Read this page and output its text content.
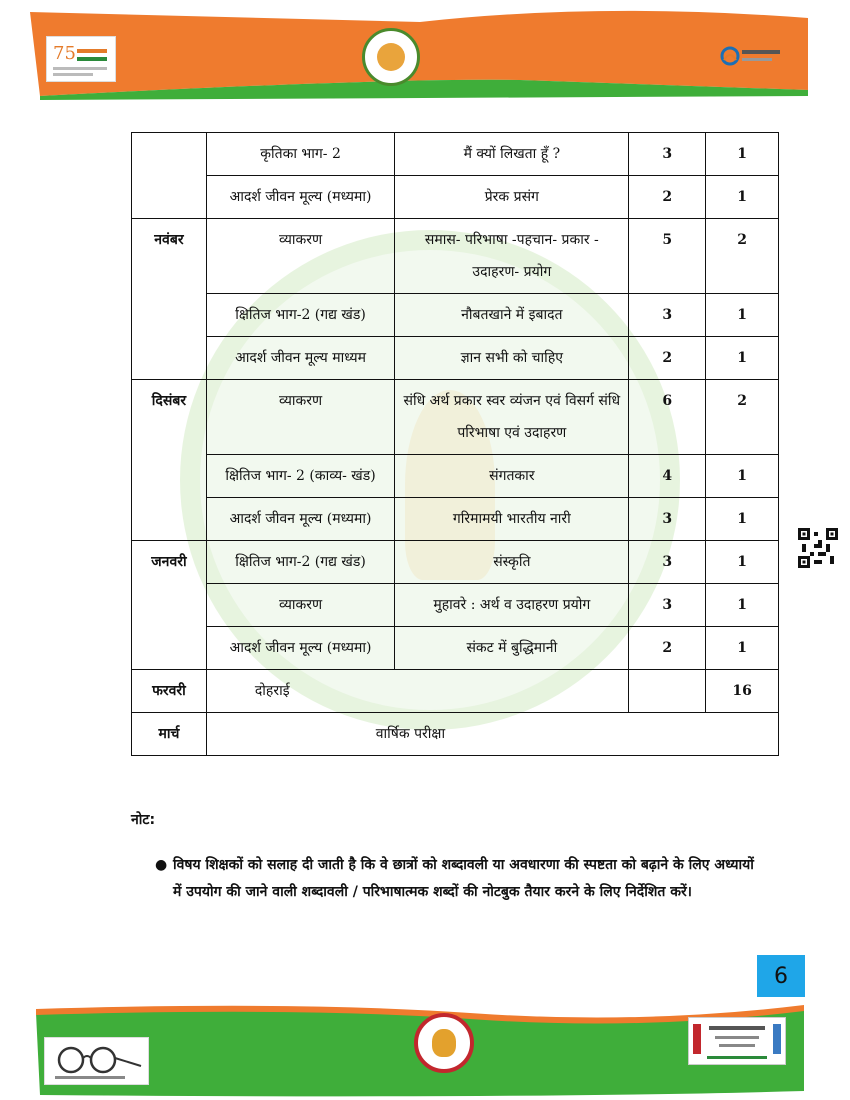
75
	कृतिका भाग- 2	मैं क्यों लिखता हूँ ?	3	1
	आदर्श जीवन मूल्य (मध्यमा)	प्रेरक प्रसंग	2	1
नवंबर	व्याकरण	समास- परिभाषा -पहचान- प्रकार - उदाहरण- प्रयोग	5	2
	क्षितिज भाग-2 (गद्य खंड)	नौबतखाने में इबादत	3	1
	आदर्श जीवन मूल्य माध्यम	ज्ञान सभी को चाहिए	2	1
दिसंबर	व्याकरण	संधि अर्थ प्रकार स्वर व्यंजन एवं विसर्ग संधि परिभाषा एवं उदाहरण	6	2
	क्षितिज भाग- 2 (काव्य- खंड)	संगतकार	4	1
	आदर्श जीवन मूल्य (मध्यमा)	गरिमामयी भारतीय नारी	3	1
जनवरी	क्षितिज भाग-2 (गद्य खंड)	संस्कृति	3	1
	व्याकरण	मुहावरे : अर्थ व उदाहरण प्रयोग	3	1
	आदर्श जीवन मूल्य (मध्यमा)	संकट में बुद्धिमानी	2	1
फरवरी	दोहराई			16
मार्च	वार्षिक परीक्षा			
नोट:
● विषय शिक्षकों को सलाह दी जाती है कि वे छात्रों को शब्दावली या अवधारणा की स्पष्टता को बढ़ाने के लिए अध्यायों में उपयोग की जाने वाली शब्दावली / परिभाषात्मक शब्दों की नोटबुक तैयार करने के लिए निर्देशित करें।
6
